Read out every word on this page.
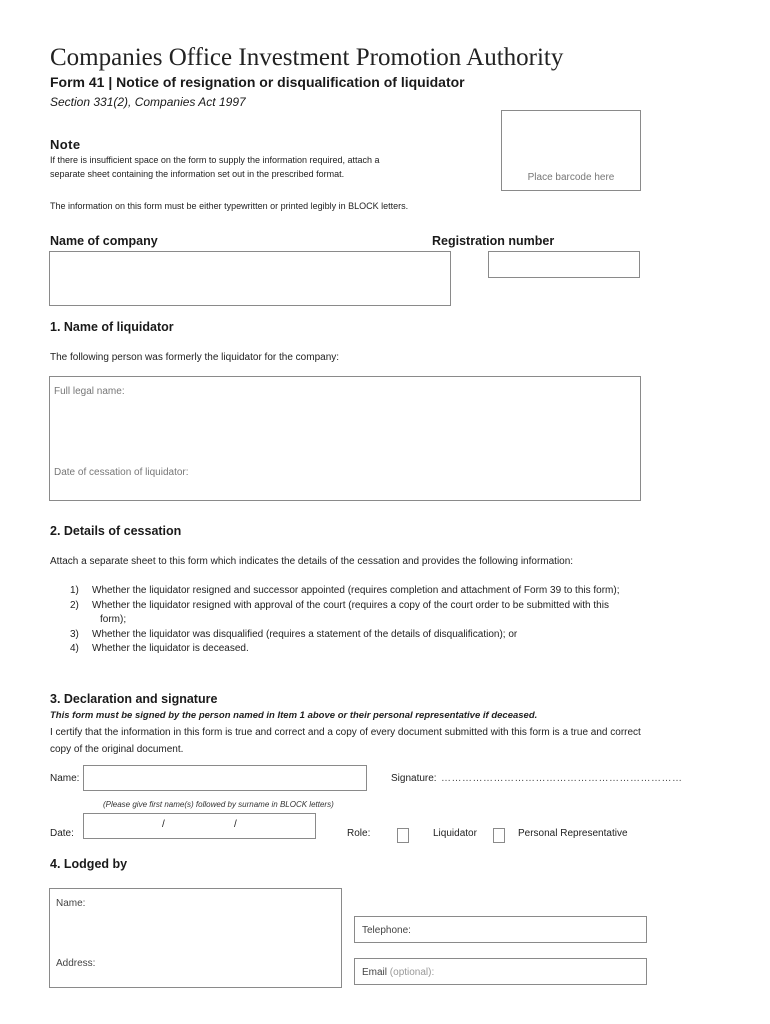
Companies Office Investment Promotion Authority
Form 41 | Notice of resignation or disqualification of liquidator
Section 331(2), Companies Act 1997
Note
If there is insufficient space on the form to supply the information required, attach a
separate sheet containing the information set out in the prescribed format.	Place barcode here
The information on this form must be either typewritten or printed legibly in BLOCK letters.
Name of company	Registration number
1. Name of liquidator
The following person was formerly the liquidator for the company:
Full legal name:
Date of cessation of liquidator:
2. Details of cessation
Attach a separate sheet to this form which indicates the details of the cessation and provides the following information:
1)	Whether the liquidator resigned and successor appointed (requires completion and attachment of Form 39 to this form);
2)	Whether the liquidator resigned with approval of the court (requires a copy of the court order to be submitted with this
form);
3)	Whether the liquidator was disqualified (requires a statement of the details of disqualification); or
4)	Whether the liquidator is deceased.
3. Declaration and signature
This form must be signed by the person named in Item 1 above or their personal representative if deceased.
I certify that the information in this form is true and correct and a copy of every document submitted with this form is a true and correct
copy of the original document.
Name:	Signature: ……………………………………………………………
(Please give first name(s) followed by surname in BLOCK letters)
Date:
/	/
Role:	Liquidator	Personal Representative
4. Lodged by
Name:
Address:
Telephone:
Email (optional):
